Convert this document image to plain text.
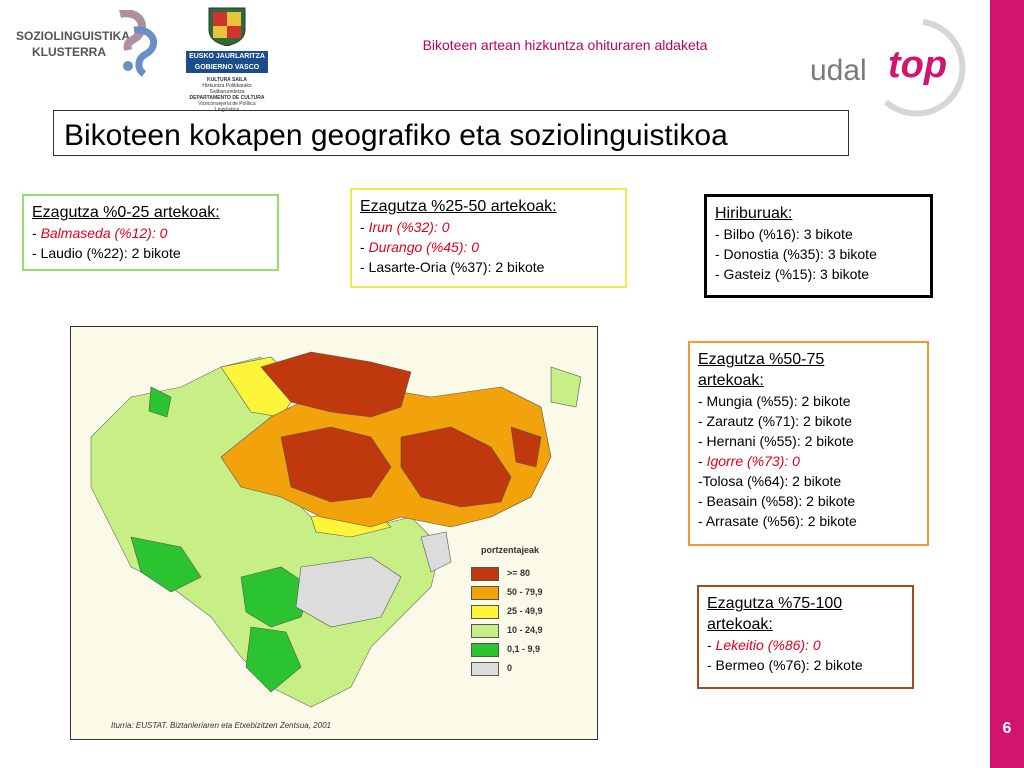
6
SOZIOLINGUISTIKA
KLUSTERRA	EUSKO JAURLARITZA
GOBIERNO VASCO
KULTURA SAILA
Hizkuntza Politikarako Sailburuordetza
DEPARTAMENTO DE CULTURA
Viceconsejería de Política Lingüística
Bikoteen artean hizkuntza ohituraren aldaketa
udal top
Bikoteen kokapen geografiko eta soziolinguistikoa
Ezagutza %0-25 artekoak:
- Balmaseda (%12): 0
- Laudio (%22): 2 bikote
Ezagutza %25-50 artekoak:
- Irun (%32): 0
- Durango (%45): 0
- Lasarte-Oria (%37): 2 bikote
Hiriburuak:
- Bilbo (%16): 3 bikote
- Donostia (%35): 3 bikote
- Gasteiz (%15): 3 bikote
Ezagutza %50-75
artekoak:
- Mungia (%55): 2 bikote
- Zarautz (%71): 2 bikote
- Hernani (%55): 2 bikote
- Igorre (%73): 0
-Tolosa (%64): 2 bikote
- Beasain (%58): 2 bikote
- Arrasate (%56): 2 bikote
Ezagutza %75-100
artekoak:
- Lekeitio (%86): 0
- Bermeo (%76): 2 bikote
portzentajeak
>= 80
50 - 79,9
25 - 49,9
10 - 24,9
0,1 - 9,9
0
Iturria: EUSTAT. Biztanleriaren eta Etxebizitzen Zentsua, 2001
